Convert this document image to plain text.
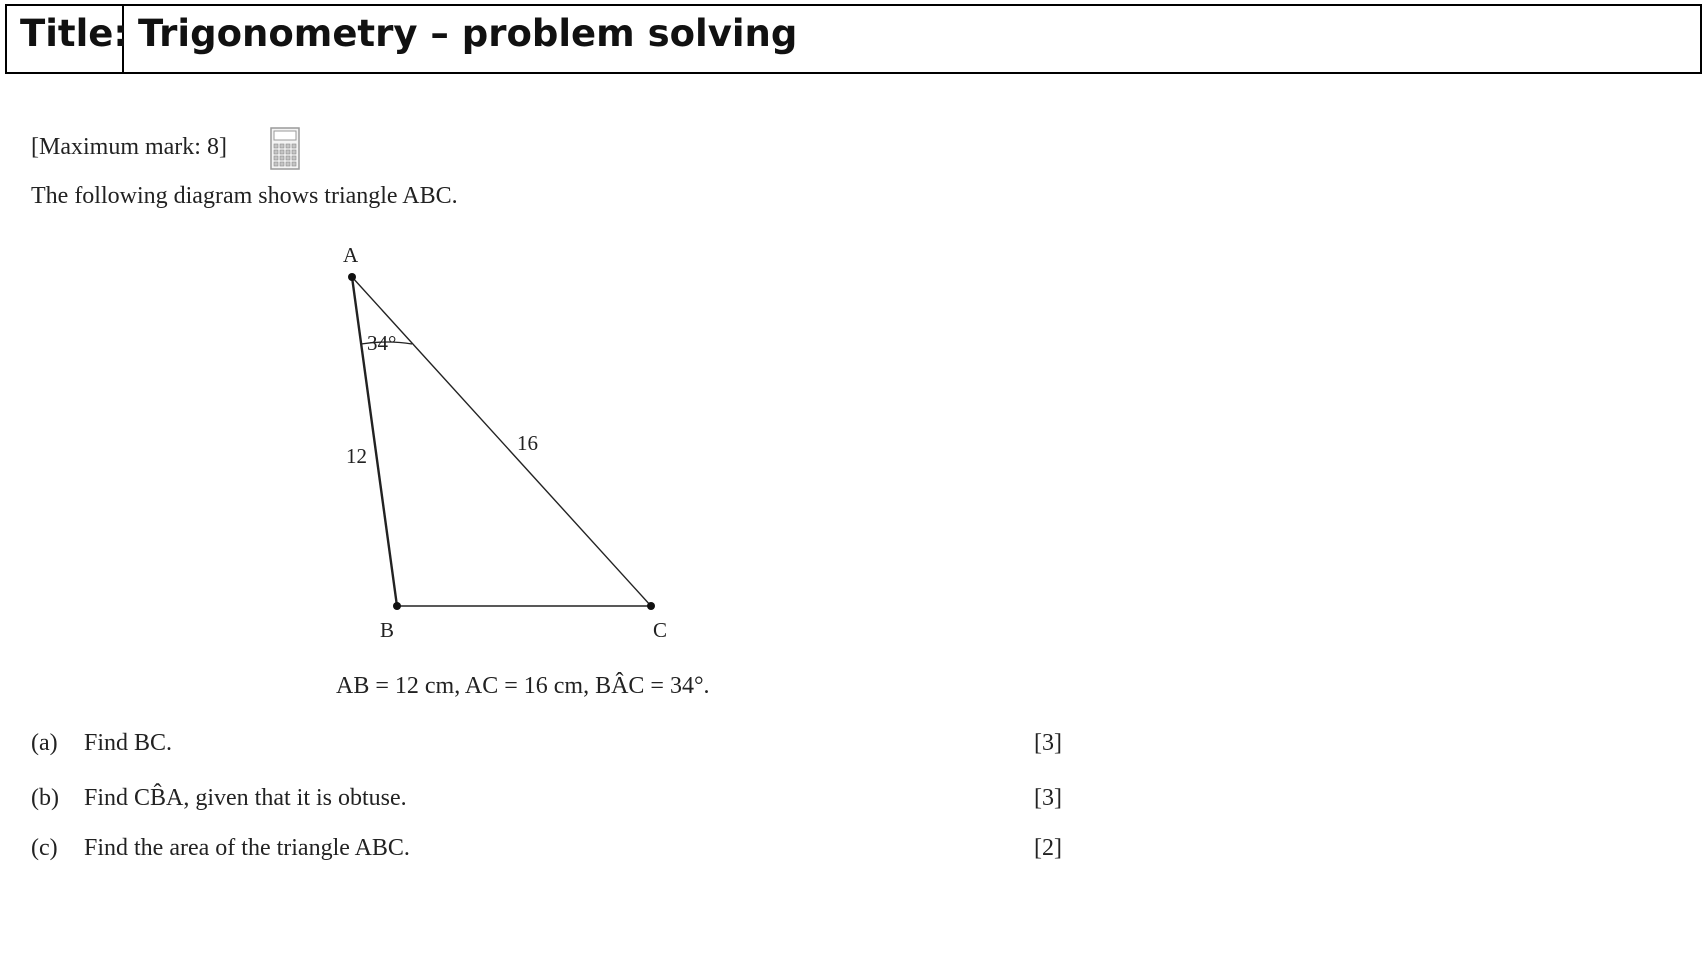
Title: Trigonometry – problem solving
[Maximum mark: 8]
The following diagram shows triangle ABC.
A
B	C
34°
12
16
AB = 12 cm, AC = 16 cm, BÂC = 34°.
(a) Find BC.	[3]
(b) Find CB̂A, given that it is obtuse.	[3]
(c) Find the area of the triangle ABC.	[2]
